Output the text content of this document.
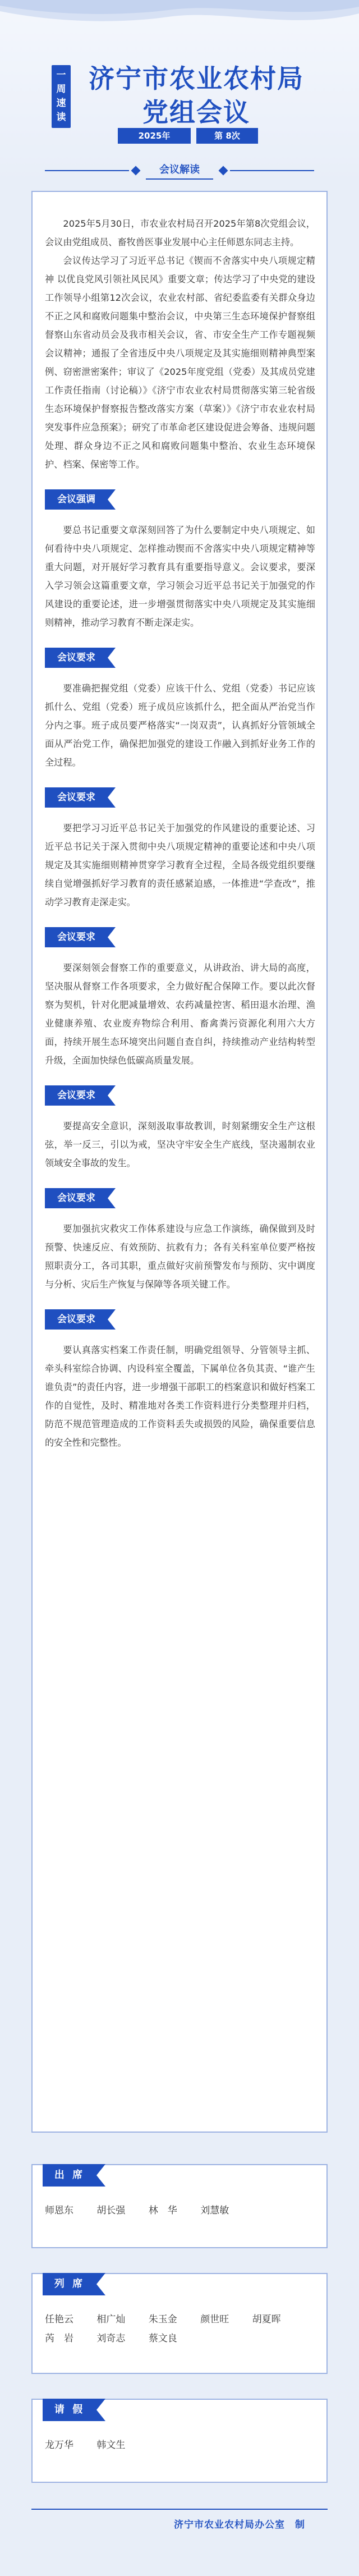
一
周
速
读
济宁市农业农村局
党组会议
2025年	第 8次
会议解读

2025年5月30日，市农业农村局召开2025年第8次党组会议，会议由党组成员、畜牧兽医事业发展中心主任师恩东同志主持。

会议传达学习了习近平总书记《锲而不舍落实中央八项规定精神 以优良党风引领社风民风》重要文章；传达学习了中央党的建设工作领导小组第12次会议，农业农村部、省纪委监委有关群众身边不正之风和腐败问题集中整治会议，中央第三生态环境保护督察组督察山东省动员会及我市相关会议，省、市安全生产工作专题视频会议精神；通报了全省违反中央八项规定及其实施细则精神典型案例、窃密泄密案件；审议了《2025年度党组（党委）及其成员党建工作责任指南（讨论稿）》《济宁市农业农村局贯彻落实第三轮省级生态环境保护督察报告整改落实方案（草案）》《济宁市农业农村局突发事件应急预案》；研究了市革命老区建设促进会筹备、违规问题处理、群众身边不正之风和腐败问题集中整治、农业生态环境保护、档案、保密等工作。

会议强调

要总书记重要文章深刻回答了为什么要制定中央八项规定、如何看待中央八项规定、怎样推动锲而不舍落实中央八项规定精神等重大问题，对开展好学习教育具有重要指导意义。会议要求，要深入学习领会这篇重要文章，学习领会习近平总书记关于加强党的作风建设的重要论述，进一步增强贯彻落实中央八项规定及其实施细则精神，推动学习教育不断走深走实。

会议要求

要准确把握党组（党委）应该干什么、党组（党委）书记应该抓什么、党组（党委）班子成员应该抓什么，把全面从严治党当作分内之事。班子成员要严格落实“一岗双责”，认真抓好分管领域全面从严治党工作，确保把加强党的建设工作融入到抓好业务工作的全过程。

会议要求

要把学习习近平总书记关于加强党的作风建设的重要论述、习近平总书记关于深入贯彻中央八项规定精神的重要论述和中央八项规定及其实施细则精神贯穿学习教育全过程，全局各级党组织要继续自觉增强抓好学习教育的责任感紧迫感，一体推进“学查改”，推动学习教育走深走实。

会议要求

要深刻领会督察工作的重要意义，从讲政治、讲大局的高度，坚决服从督察工作各项要求，全力做好配合保障工作。要以此次督察为契机，针对化肥减量增效、农药减量控害、稻田退水治理、渔业健康养殖、农业废弃物综合利用、畜禽粪污资源化利用六大方面，持续开展生态环境突出问题自查自纠，持续推动产业结构转型升级，全面加快绿色低碳高质量发展。

会议要求

要提高安全意识，深刻汲取事故教训，时刻紧绷安全生产这根弦，举一反三，引以为戒，坚决守牢安全生产底线，坚决遏制农业领域安全事故的发生。

会议要求

要加强抗灾救灾工作体系建设与应急工作演练，确保做到及时预警、快速反应、有效预防、抗救有力；各有关科室单位要严格按照职责分工，各司其职，重点做好灾前预警发布与预防、灾中调度与分析、灾后生产恢复与保障等各项关键工作。

会议要求

要认真落实档案工作责任制，明确党组领导、分管领导主抓、牵头科室综合协调、内设科室全覆盖，下属单位各负其责、“谁产生谁负责”的责任内容，进一步增强干部职工的档案意识和做好档案工作的自觉性，及时、精准地对各类工作资料进行分类整理并归档，防范不规范管理造成的工作资料丢失或损毁的风险，确保重要信息的安全性和完整性。

出 席
师恩东 胡长强 林　华 刘慧敏
列 席
任艳云 相广灿 朱玉金 颜世旺 胡夏晖
芮　岩 刘奇志 蔡文良
请 假
龙万华 韩文生
济宁市农业农村局办公室　制
